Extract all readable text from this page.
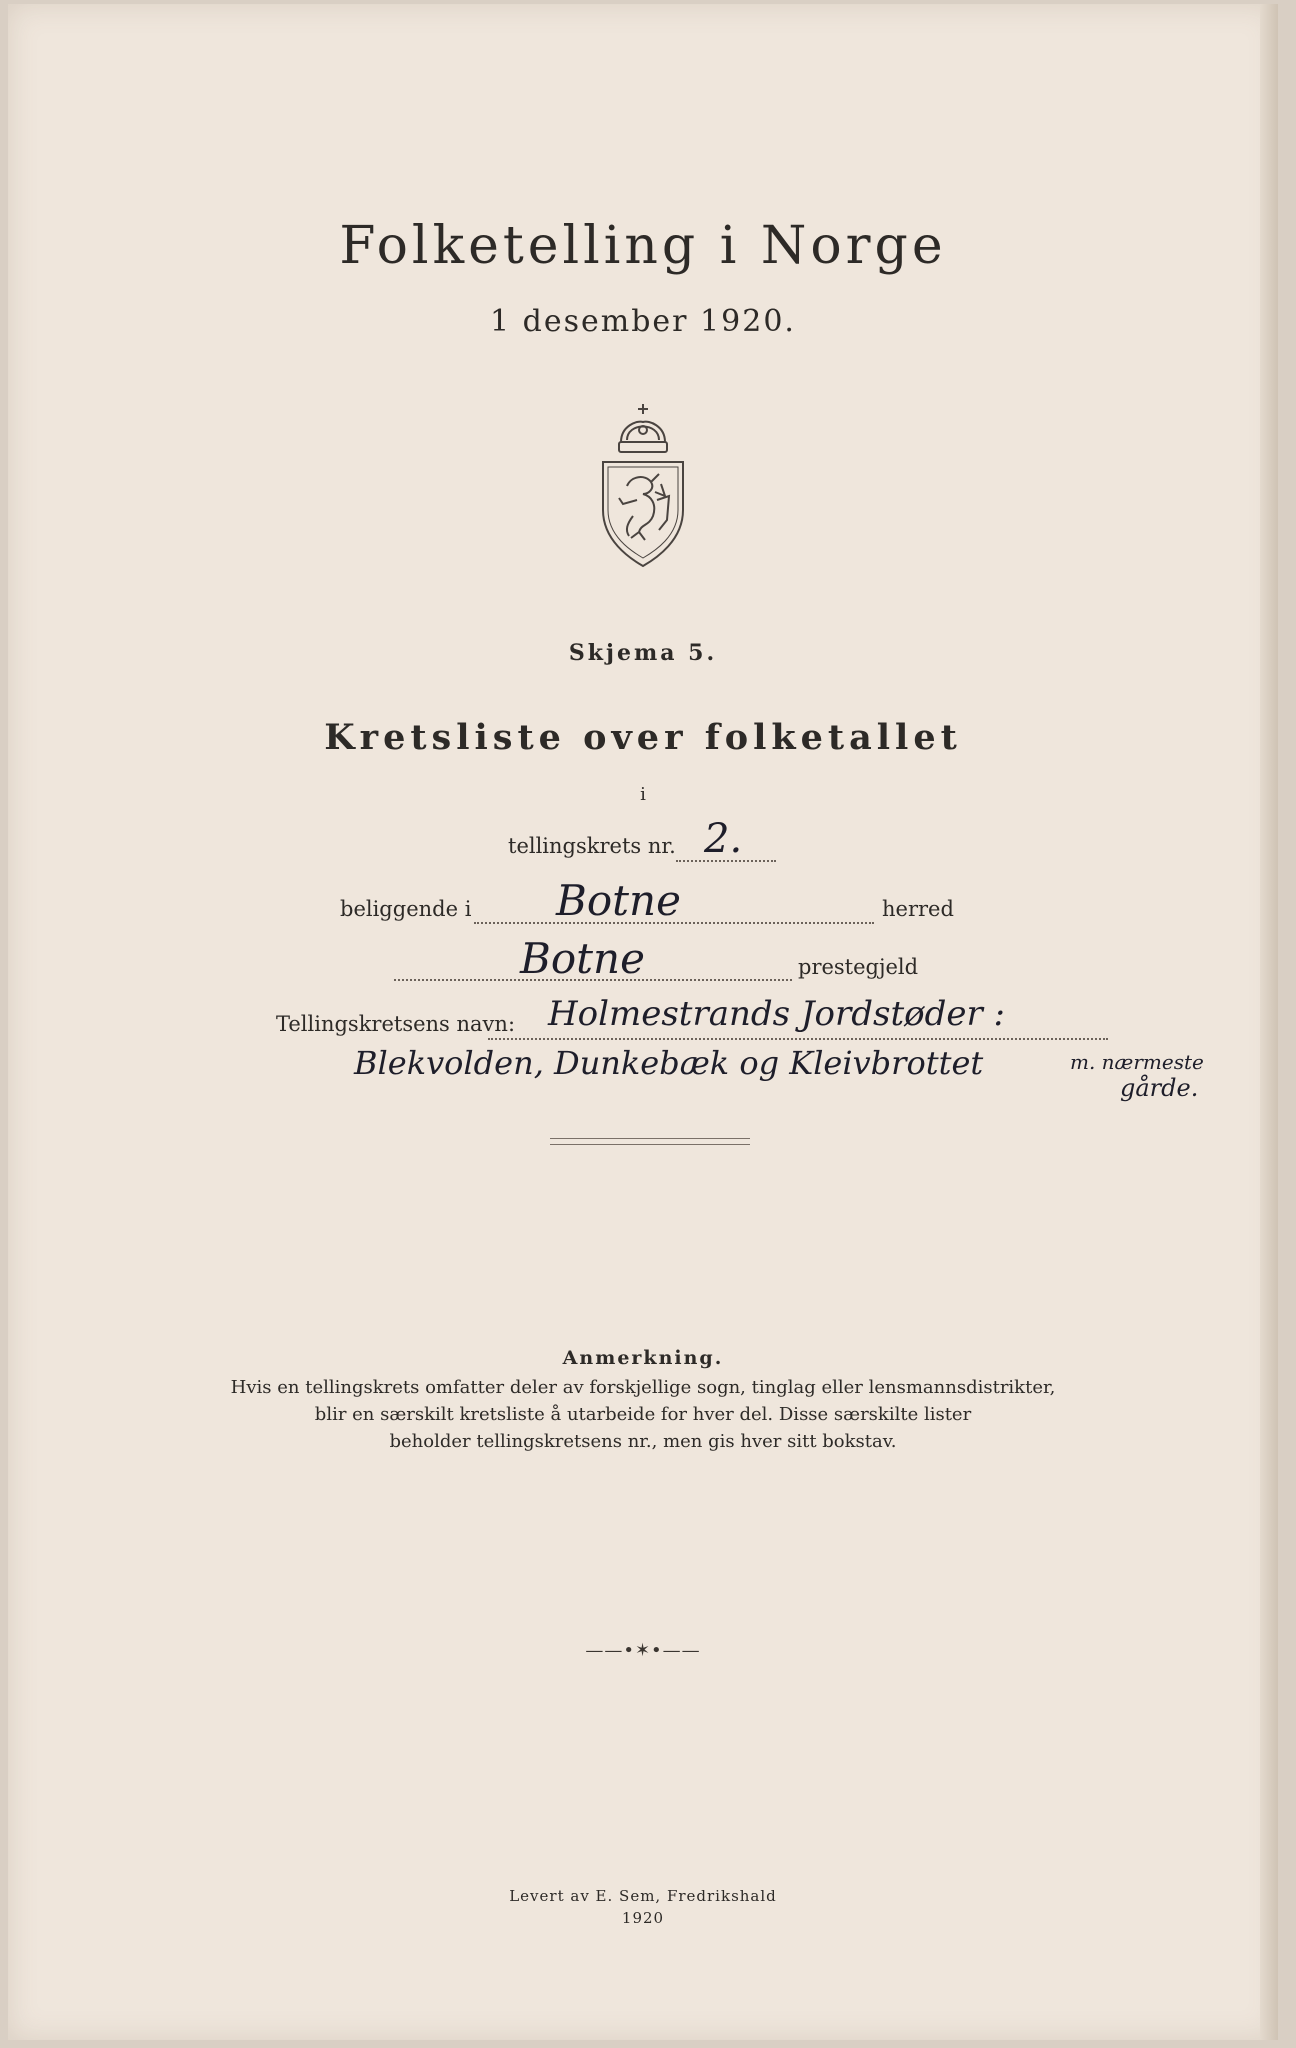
Folketelling i Norge
1 desember 1920.
Skjema 5.
Kretsliste over folketallet
i
tellingskrets nr. 2.
beliggende i Botne	herred
Botne	prestegjeld
Tellingskretsens navn: Holmestrands Jordstøder :
Blekvolden, Dunkebæk og Kleivbrottet	m. nærmeste
gårde.
Anmerkning.
Hvis en tellingskrets omfatter deler av forskjellige sogn, tinglag eller lensmannsdistrikter,
blir en særskilt kretsliste å utarbeide for hver del. Disse særskilte lister
beholder tellingskretsens nr., men gis hver sitt bokstav.
——•✶•——
Levert av E. Sem, Fredrikshald
1920
